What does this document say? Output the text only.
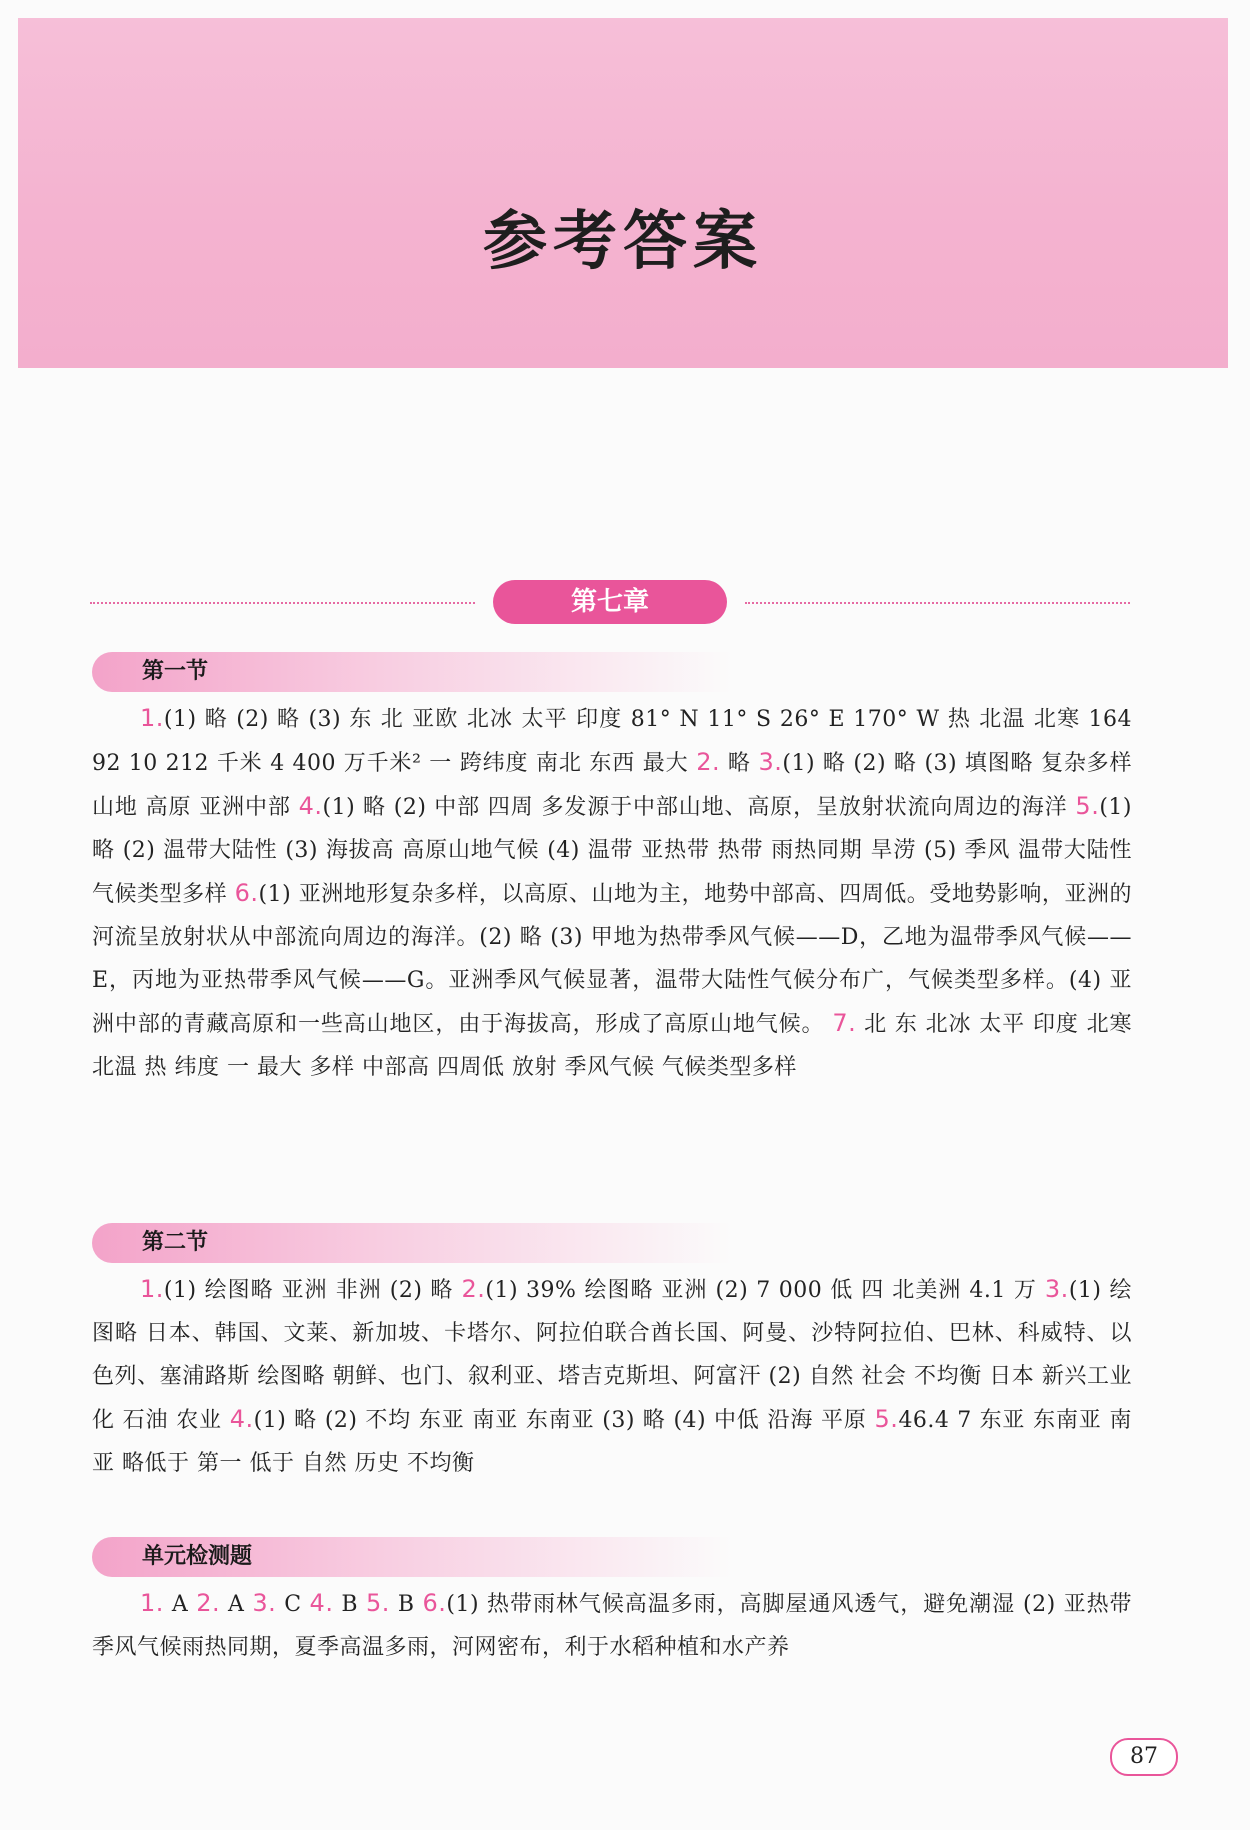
参考答案
第七章
第一节

1.(1) 略 (2) 略 (3) 东 北 亚欧 北冰 太平 印度 81° N 11° S 26° E 170° W 热 北温 北寒 164 92 10 212 千米 4 400 万千米² 一 跨纬度 南北 东西 最大 2. 略 3.(1) 略 (2) 略 (3) 填图略 复杂多样 山地 高原 亚洲中部 4.(1) 略 (2) 中部 四周 多发源于中部山地、高原，呈放射状流向周边的海洋 5.(1) 略 (2) 温带大陆性 (3) 海拔高 高原山地气候 (4) 温带 亚热带 热带 雨热同期 旱涝 (5) 季风 温带大陆性 气候类型多样 6.(1) 亚洲地形复杂多样，以高原、山地为主，地势中部高、四周低。受地势影响，亚洲的河流呈放射状从中部流向周边的海洋。(2) 略 (3) 甲地为热带季风气候——D，乙地为温带季风气候——E，丙地为亚热带季风气候——G。亚洲季风气候显著，温带大陆性气候分布广，气候类型多样。(4) 亚洲中部的青藏高原和一些高山地区，由于海拔高，形成了高原山地气候。 7. 北 东 北冰 太平 印度 北寒 北温 热 纬度 一 最大 多样 中部高 四周低 放射 季风气候 气候类型多样

第二节

1.(1) 绘图略 亚洲 非洲 (2) 略 2.(1) 39% 绘图略 亚洲 (2) 7 000 低 四 北美洲 4.1 万 3.(1) 绘图略 日本、韩国、文莱、新加坡、卡塔尔、阿拉伯联合酋长国、阿曼、沙特阿拉伯、巴林、科威特、以色列、塞浦路斯 绘图略 朝鲜、也门、叙利亚、塔吉克斯坦、阿富汗 (2) 自然 社会 不均衡 日本 新兴工业化 石油 农业 4.(1) 略 (2) 不均 东亚 南亚 东南亚 (3) 略 (4) 中低 沿海 平原 5.46.4 7 东亚 东南亚 南亚 略低于 第一 低于 自然 历史 不均衡

单元检测题

1. A 2. A 3. C 4. B 5. B 6.(1) 热带雨林气候高温多雨，高脚屋通风透气，避免潮湿 (2) 亚热带季风气候雨热同期，夏季高温多雨，河网密布，利于水稻种植和水产养

87
